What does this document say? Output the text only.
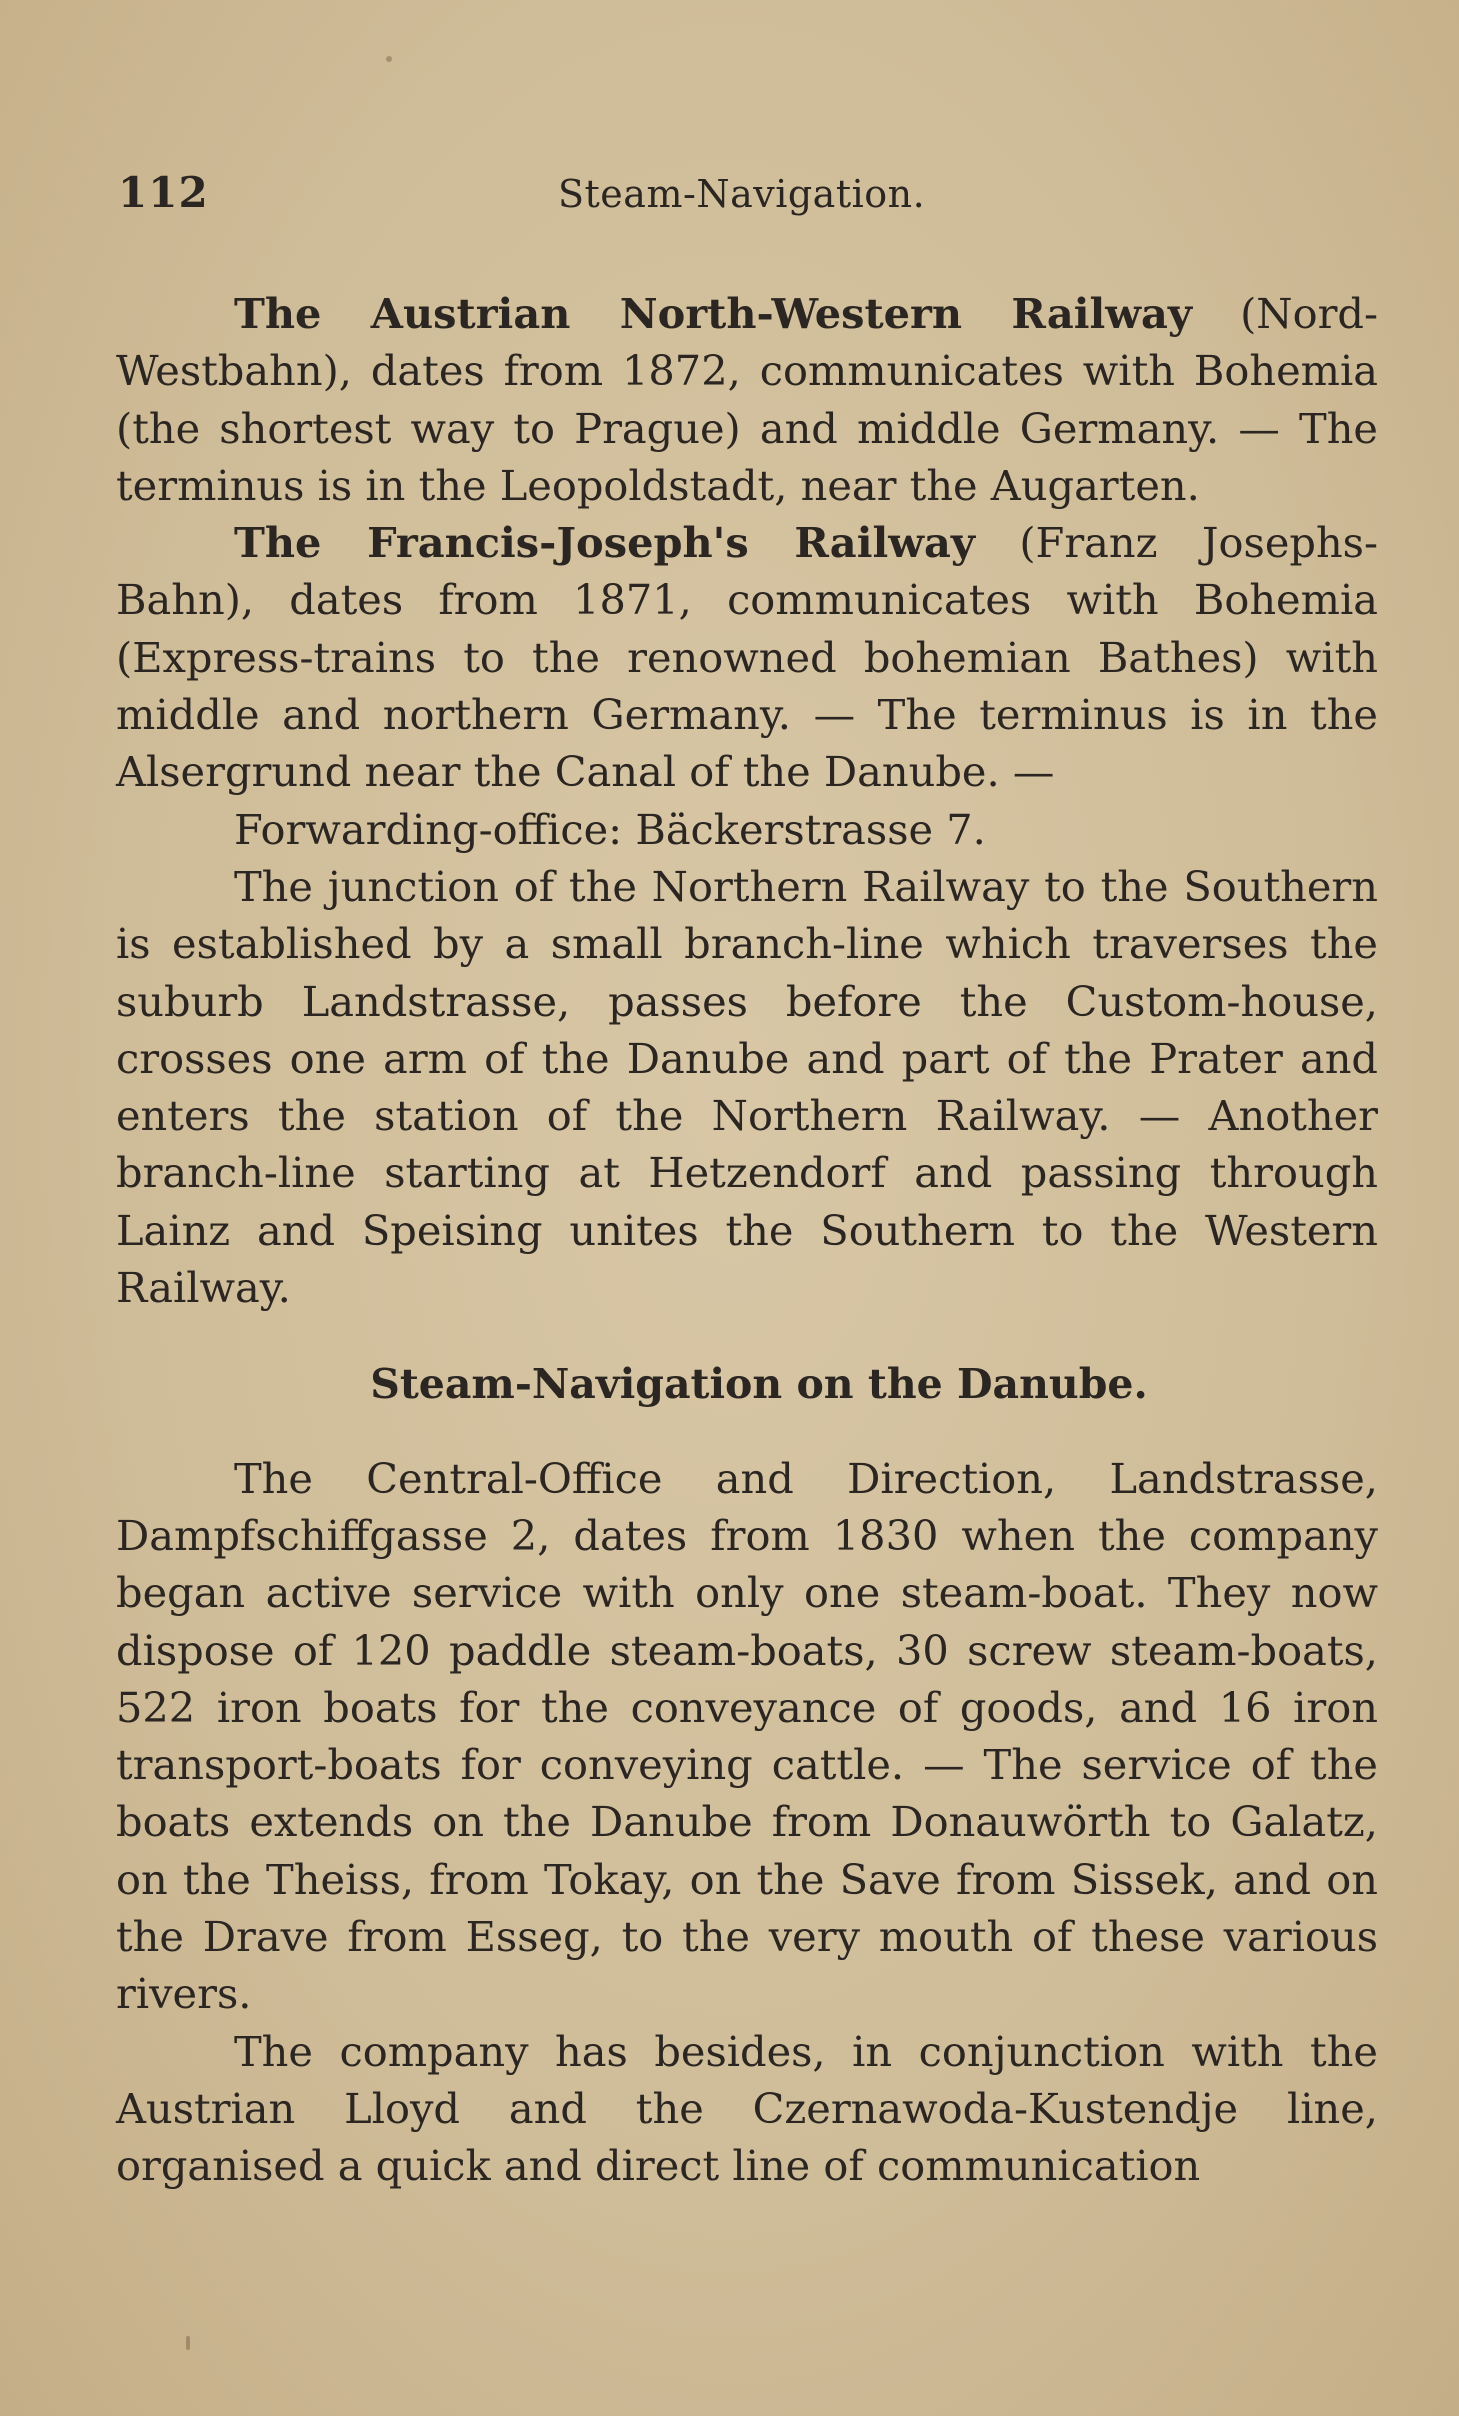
112	Steam-Navigation.

The Austrian North-Western Railway (Nord-Westbahn), dates from 1872, communicates with Bohemia (the shortest way to Prague) and middle Germany. — The terminus is in the Leopoldstadt, near the Augarten.

The Francis-Joseph's Railway (Franz Josephs-Bahn), dates from 1871, communicates with Bohemia (Express-trains to the renowned bohemian Bathes) with middle and northern Germany. — The terminus is in the Alsergrund near the Canal of the Danube. —

Forwarding-office: Bäckerstrasse 7.

The junction of the Northern Railway to the Southern is established by a small branch-line which traverses the suburb Landstrasse, passes before the Custom-house, crosses one arm of the Danube and part of the Prater and enters the station of the Northern Railway. — Another branch-line starting at Hetzendorf and passing through Lainz and Speising unites the Southern to the Western Railway.

Steam-Navigation on the Danube.

The Central-Office and Direction, Landstrasse, Dampfschiffgasse 2, dates from 1830 when the company began active service with only one steam-boat. They now dispose of 120 paddle steam-boats, 30 screw steam-boats, 522 iron boats for the conveyance of goods, and 16 iron transport-boats for conveying cattle. — The service of the boats extends on the Danube from Donauwörth to Galatz, on the Theiss, from Tokay, on the Save from Sissek, and on the Drave from Esseg, to the very mouth of these various rivers.

The company has besides, in conjunction with the Austrian Lloyd and the Czernawoda-Kustendje line, organised a quick and direct line of communication
